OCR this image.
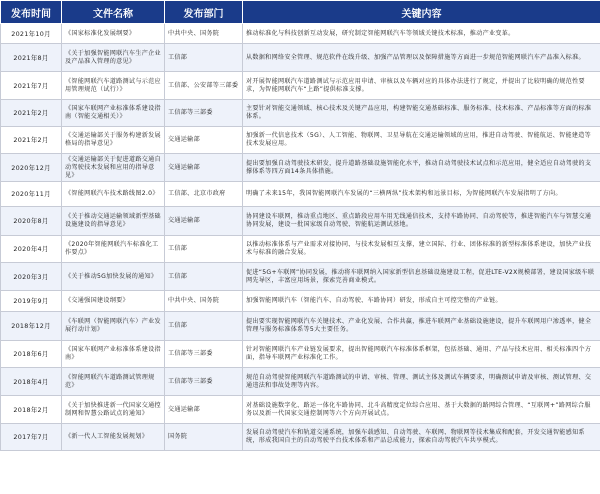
发布时间	文件名称	发布部门	关键内容
2021年10月	《国家标准化发展纲要》	中共中央、国务院	推动标准化与科技创新互动发展，研究制定智能网联汽车等领域关键技术标准，推动产业变革。
2021年8月	《关于加强智能网联汽车生产企业及产品准入管理的意见》	工信部	从数据和网络安全管理、规范软件在线升级、加强产品管理以及保障措施等方面进一步规范智能网联汽车产品准入标准。
2021年7月	《智能网联汽车道路测试与示范应用管理规范（试行）》	工信部、公安部等三部委	对开展智能网联汽车道路测试与示范应用申请、审核以及车辆对应的具体办法进行了规定，并提出了比较明确的规范性要求，为智能网联汽车“上路”提供标准支撑。
2021年2月	《国家车联网产业标准体系建设指南（智能交通相关）》	工信部等三部委	主要针对智能交通领域、核心技术及关键产品应用，构建智能交通基础标准、服务标准、技术标准、产品标准等方面的标准体系。
2021年2月	《交通运输部关于服务构建新发展格局的指导意见》	交通运输部	加强新一代信息技术（5G）、人工智能、物联网、卫星导航在交通运输领域的应用，推进自动驾驶、智能航运、智能建造等技术发展应用。
2020年12月	《交通运输部关于促进道路交通自动驾驶技术发展和应用的指导意见》	交通运输部	提出要加强自动驾驶技术研发，提升道路基础设施智能化水平，推动自动驾驶技术试点和示范应用，健全适应自动驾驶的支撑体系等四方面14条具体措施。
2020年11月	《智能网联汽车技术路线图2.0》	工信部、北京市政府	明确了未来15年，我国智能网联汽车发展的“三横两纵”技术架构和远景目标，为智能网联汽车发展指明了方向。
2020年8月	《关于推动交通运输领域新型基础设施建设的指导意见》	交通运输部	协同建设车联网，推动重点地区、重点路段应用车用无线通信技术，支持车路协同、自动驾驶等，推进智能汽车与智慧交通协同发展，建设一批国家级自动驾驶、智能航运测试基地。
2020年4月	《2020年智能网联汽车标准化工作要点》	工信部	以推动标准体系与产业需求对接协同、与技术发展相互支撑，建立国际、行业、团体标准的新型标准体系建设，加快产业技术与标准的融合发展。
2020年3月	《关于推动5G加快发展的通知》	工信部	促进“5G+车联网”协同发展，推动将车联网纳入国家新型信息基础设施建设工程，促进LTE-V2X规模部署，建设国家级车联网先导区，丰富应用场景，探索完善商业模式。
2019年9月	《交通强国建设纲要》	中共中央、国务院	加强智能网联汽车（智能汽车、自动驾驶、车路协同）研发，形成自主可控完整的产业链。
2018年12月	《车联网（智能网联汽车）产业发展行动计划》	工信部	提出要实现智能网联汽车关键技术、产业化发展、合作共赢，推进车联网产业基础设施建设，提升车联网用户渗透率，健全管理与服务标准体系等5大主要任务。
2018年6月	《国家车联网产业标准体系建设指南》	工信部等三部委	针对智能网联汽车产业链发展要求，提出智能网联汽车标准体系框架，包括基础、通用、产品与技术应用、相关标准四个方面，指导车联网产业标准化工作。
2018年4月	《智能网联汽车道路测试管理规范》	工信部等三部委	规范自动驾驶智能网联汽车道路测试的申请、审核、管理、测试主体及测试车辆要求，明确测试申请及审核、测试管理、交通违法和事故处理等内容。
2018年2月	《关于加快推进新一代国家交通控制网和智慧公路试点的通知》	交通运输部	对基础设施数字化、路运一体化车路协同、北斗高精度定位综合应用、基于大数据的路网综合管理、“互联网+”路网综合服务以及新一代国家交通控制网等六个方向开展试点。
2017年7月	《新一代人工智能发展规划》	国务院	发展自动驾驶汽车和轨道交通系统，加强车载感知、自动驾驶、车联网、物联网等技术集成和配套，开发交通智能感知系统，形成我国自主的自动驾驶平台技术体系和产品总成能力，探索自动驾驶汽车共享模式。
